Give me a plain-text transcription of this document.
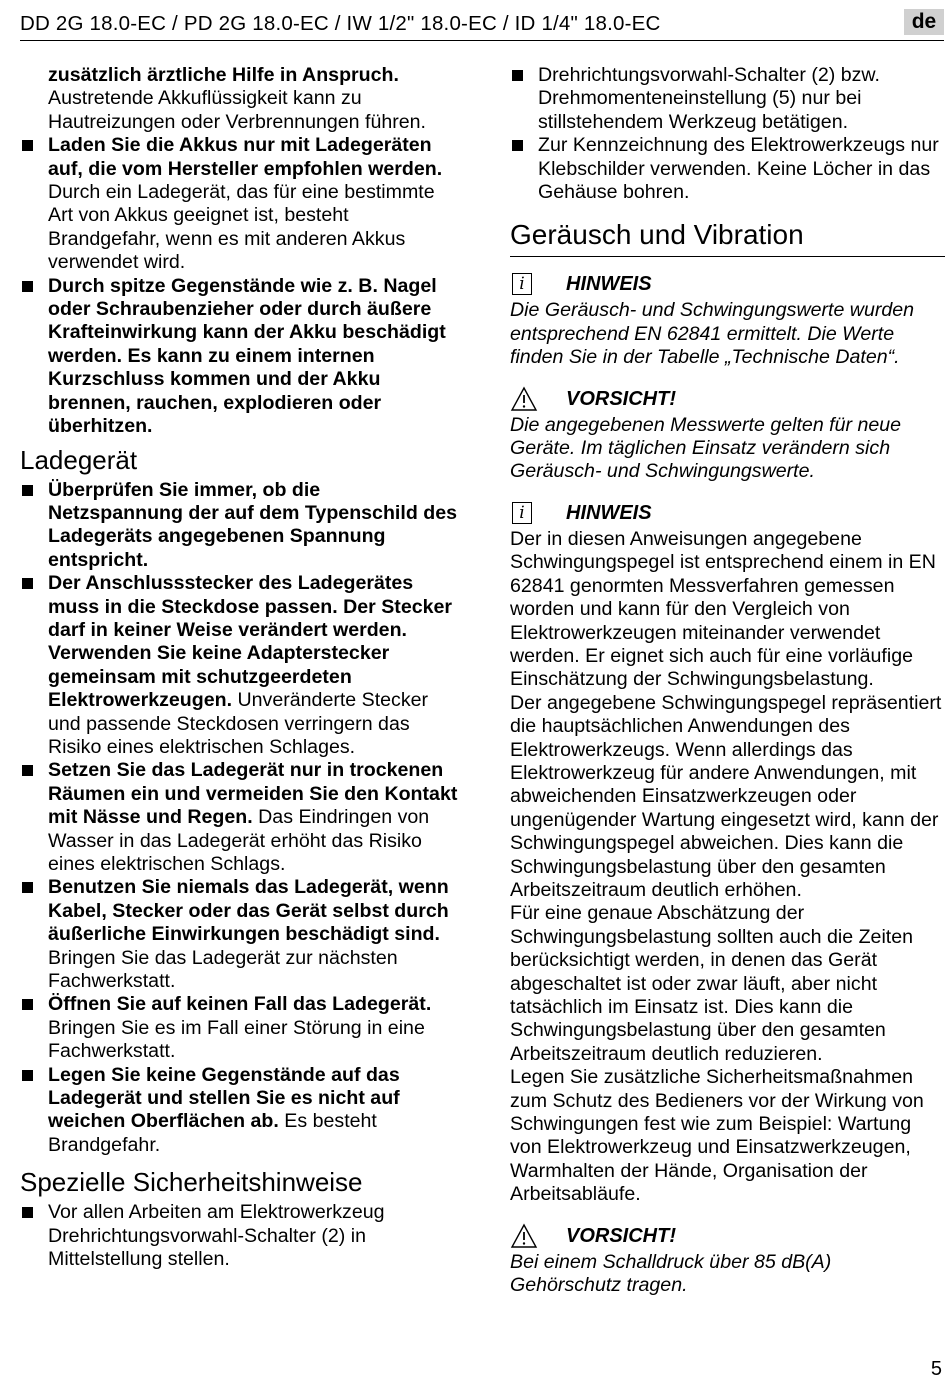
DD 2G 18.0-EC / PD 2G 18.0-EC / IW 1/2" 18.0-EC / ID 1/4" 18.0-EC	de
zusätzlich ärztliche Hilfe in Anspruch. Austretende Akkuflüssigkeit kann zu Hautreizungen oder Verbrennungen führen.
Laden Sie die Akkus nur mit Ladegeräten auf, die vom Hersteller empfohlen werden. Durch ein Ladegerät, das für eine bestimmte Art von Akkus geeignet ist, besteht Brandgefahr, wenn es mit anderen Akkus verwendet wird.
Durch spitze Gegenstände wie z. B. Nagel oder Schraubenzieher oder durch äußere Krafteinwirkung kann der Akku beschädigt werden. Es kann zu einem internen Kurzschluss kommen und der Akku brennen, rauchen, explodieren oder überhitzen.
Ladegerät
Überprüfen Sie immer, ob die Netzspannung der auf dem Typenschild des Ladegeräts angegebenen Spannung entspricht.
Der Anschlussstecker des Ladegerätes muss in die Steckdose passen. Der Stecker darf in keiner Weise verändert werden. Verwenden Sie keine Adapterstecker gemeinsam mit schutzgeerdeten Elektrowerkzeugen. Unveränderte Stecker und passende Steckdosen verringern das Risiko eines elektrischen Schlages.
Setzen Sie das Ladegerät nur in trockenen Räumen ein und vermeiden Sie den Kontakt mit Nässe und Regen. Das Eindringen von Wasser in das Ladegerät erhöht das Risiko eines elektrischen Schlags.
Benutzen Sie niemals das Ladegerät, wenn Kabel, Stecker oder das Gerät selbst durch äußerliche Einwirkungen beschädigt sind. Bringen Sie das Ladegerät zur nächsten Fachwerkstatt.
Öffnen Sie auf keinen Fall das Ladegerät. Bringen Sie es im Fall einer Störung in eine Fachwerkstatt.
Legen Sie keine Gegenstände auf das Ladegerät und stellen Sie es nicht auf weichen Oberflächen ab. Es besteht Brandgefahr.
Spezielle Sicherheitshinweise
Vor allen Arbeiten am Elektrowerkzeug Drehrichtungsvorwahl-Schalter (2) in Mittelstellung stellen.
Drehrichtungsvorwahl-Schalter (2) bzw. Drehmomenteneinstellung (5) nur bei stillstehendem Werkzeug betätigen.
Zur Kennzeichnung des Elektrowerkzeugs nur Klebschilder verwenden. Keine Löcher in das Gehäuse bohren.
Geräusch und Vibration
i	HINWEIS

Die Geräusch- und Schwingungswerte wurden entsprechend EN 62841 ermittelt. Die Werte finden Sie in der Tabelle „Technische Daten“.

VORSICHT!

Die angegebenen Messwerte gelten für neue Geräte. Im täglichen Einsatz verändern sich Geräusch- und Schwingungswerte.

i	HINWEIS

Der in diesen Anweisungen angegebene Schwingungspegel ist entsprechend einem in EN 62841 genormten Messverfahren gemessen worden und kann für den Vergleich von Elektrowerkzeugen miteinander verwendet werden. Er eignet sich auch für eine vorläufige Einschätzung der Schwingungsbelastung.

Der angegebene Schwingungspegel repräsentiert die hauptsächlichen Anwendungen des Elektrowerkzeugs. Wenn allerdings das Elektrowerkzeug für andere Anwendungen, mit abweichenden Einsatzwerkzeugen oder ungenügender Wartung eingesetzt wird, kann der Schwingungspegel abweichen. Dies kann die Schwingungsbelastung über den gesamten Arbeitszeitraum deutlich erhöhen.

Für eine genaue Abschätzung der Schwingungsbelastung sollten auch die Zeiten berücksichtigt werden, in denen das Gerät abgeschaltet ist oder zwar läuft, aber nicht tatsächlich im Einsatz ist. Dies kann die Schwingungsbelastung über den gesamten Arbeitszeitraum deutlich reduzieren.

Legen Sie zusätzliche Sicherheitsmaßnahmen zum Schutz des Bedieners vor der Wirkung von Schwingungen fest wie zum Beispiel: Wartung von Elektrowerkzeug und Einsatzwerkzeugen, Warmhalten der Hände, Organisation der Arbeitsabläufe.

VORSICHT!

Bei einem Schalldruck über 85 dB(A) Gehörschutz tragen.

5
